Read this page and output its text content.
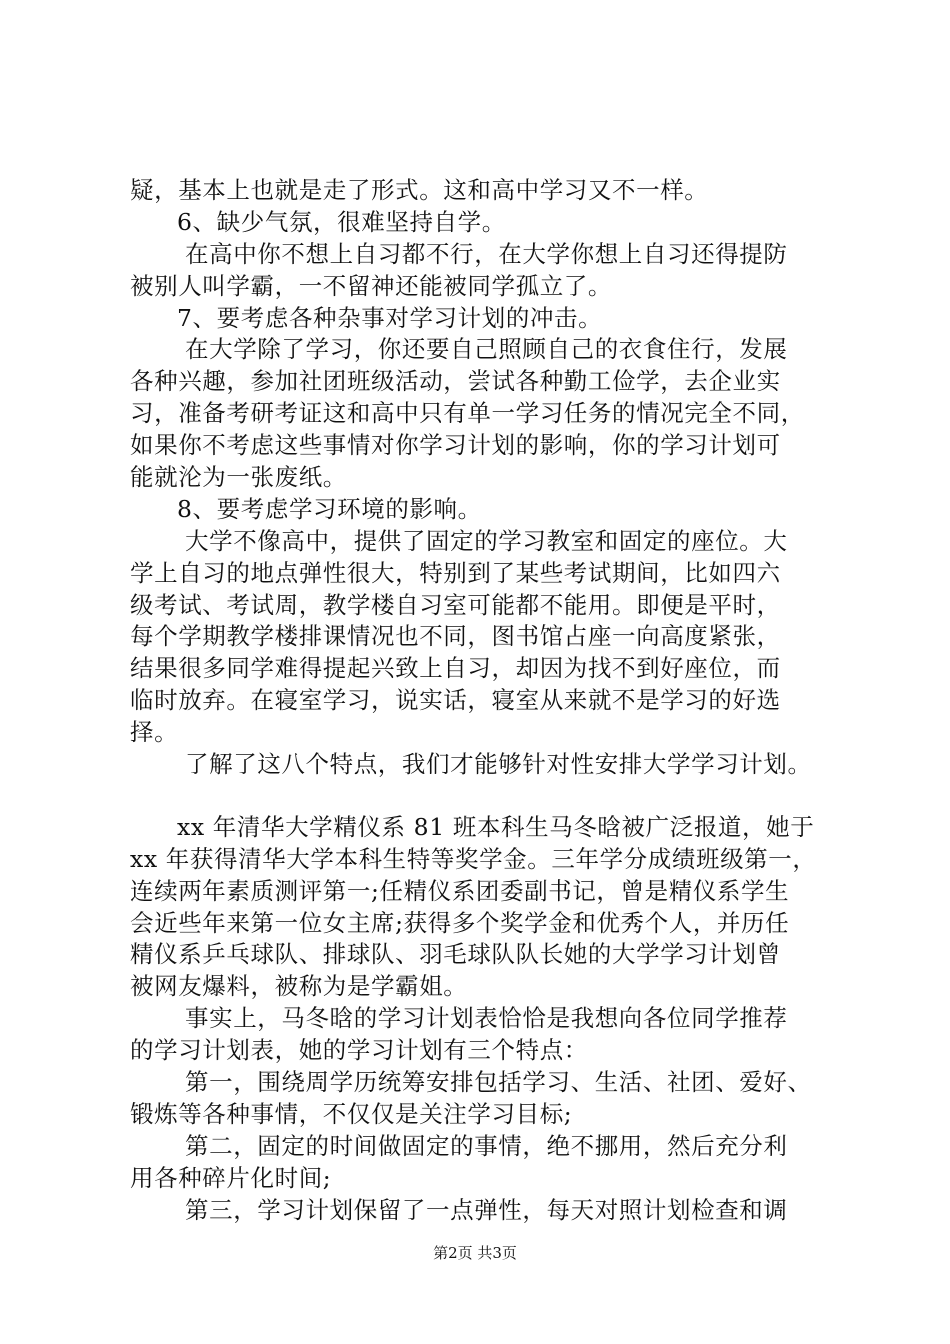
疑，基本上也就是走了形式。这和高中学习又不一样。
6、缺少气氛，很难坚持自学。
在高中你不想上自习都不行，在大学你想上自习还得提防
被别人叫学霸，一不留神还能被同学孤立了。
7、要考虑各种杂事对学习计划的冲击。
在大学除了学习，你还要自己照顾自己的衣食住行，发展
各种兴趣，参加社团班级活动，尝试各种勤工俭学，去企业实
习，准备考研考证这和高中只有单一学习任务的情况完全不同，
如果你不考虑这些事情对你学习计划的影响，你的学习计划可
能就沦为一张废纸。
8、要考虑学习环境的影响。
大学不像高中，提供了固定的学习教室和固定的座位。大
学上自习的地点弹性很大，特别到了某些考试期间，比如四六
级考试、考试周，教学楼自习室可能都不能用。即便是平时，
每个学期教学楼排课情况也不同，图书馆占座一向高度紧张，
结果很多同学难得提起兴致上自习，却因为找不到好座位，而
临时放弃。在寝室学习，说实话，寝室从来就不是学习的好选
择。
了解了这八个特点，我们才能够针对性安排大学学习计划。
xx 年清华大学精仪系 81 班本科生马冬晗被广泛报道，她于
xx 年获得清华大学本科生特等奖学金。三年学分成绩班级第一，
连续两年素质测评第一;任精仪系团委副书记，曾是精仪系学生
会近些年来第一位女主席;获得多个奖学金和优秀个人，并历任
精仪系乒乓球队、排球队、羽毛球队队长她的大学学习计划曾
被网友爆料，被称为是学霸姐。
事实上，马冬晗的学习计划表恰恰是我想向各位同学推荐
的学习计划表，她的学习计划有三个特点：
第一，围绕周学历统筹安排包括学习、生活、社团、爱好、
锻炼等各种事情，不仅仅是关注学习目标;
第二，固定的时间做固定的事情，绝不挪用，然后充分利
用各种碎片化时间;
第三，学习计划保留了一点弹性，每天对照计划检查和调
第2页 共3页
